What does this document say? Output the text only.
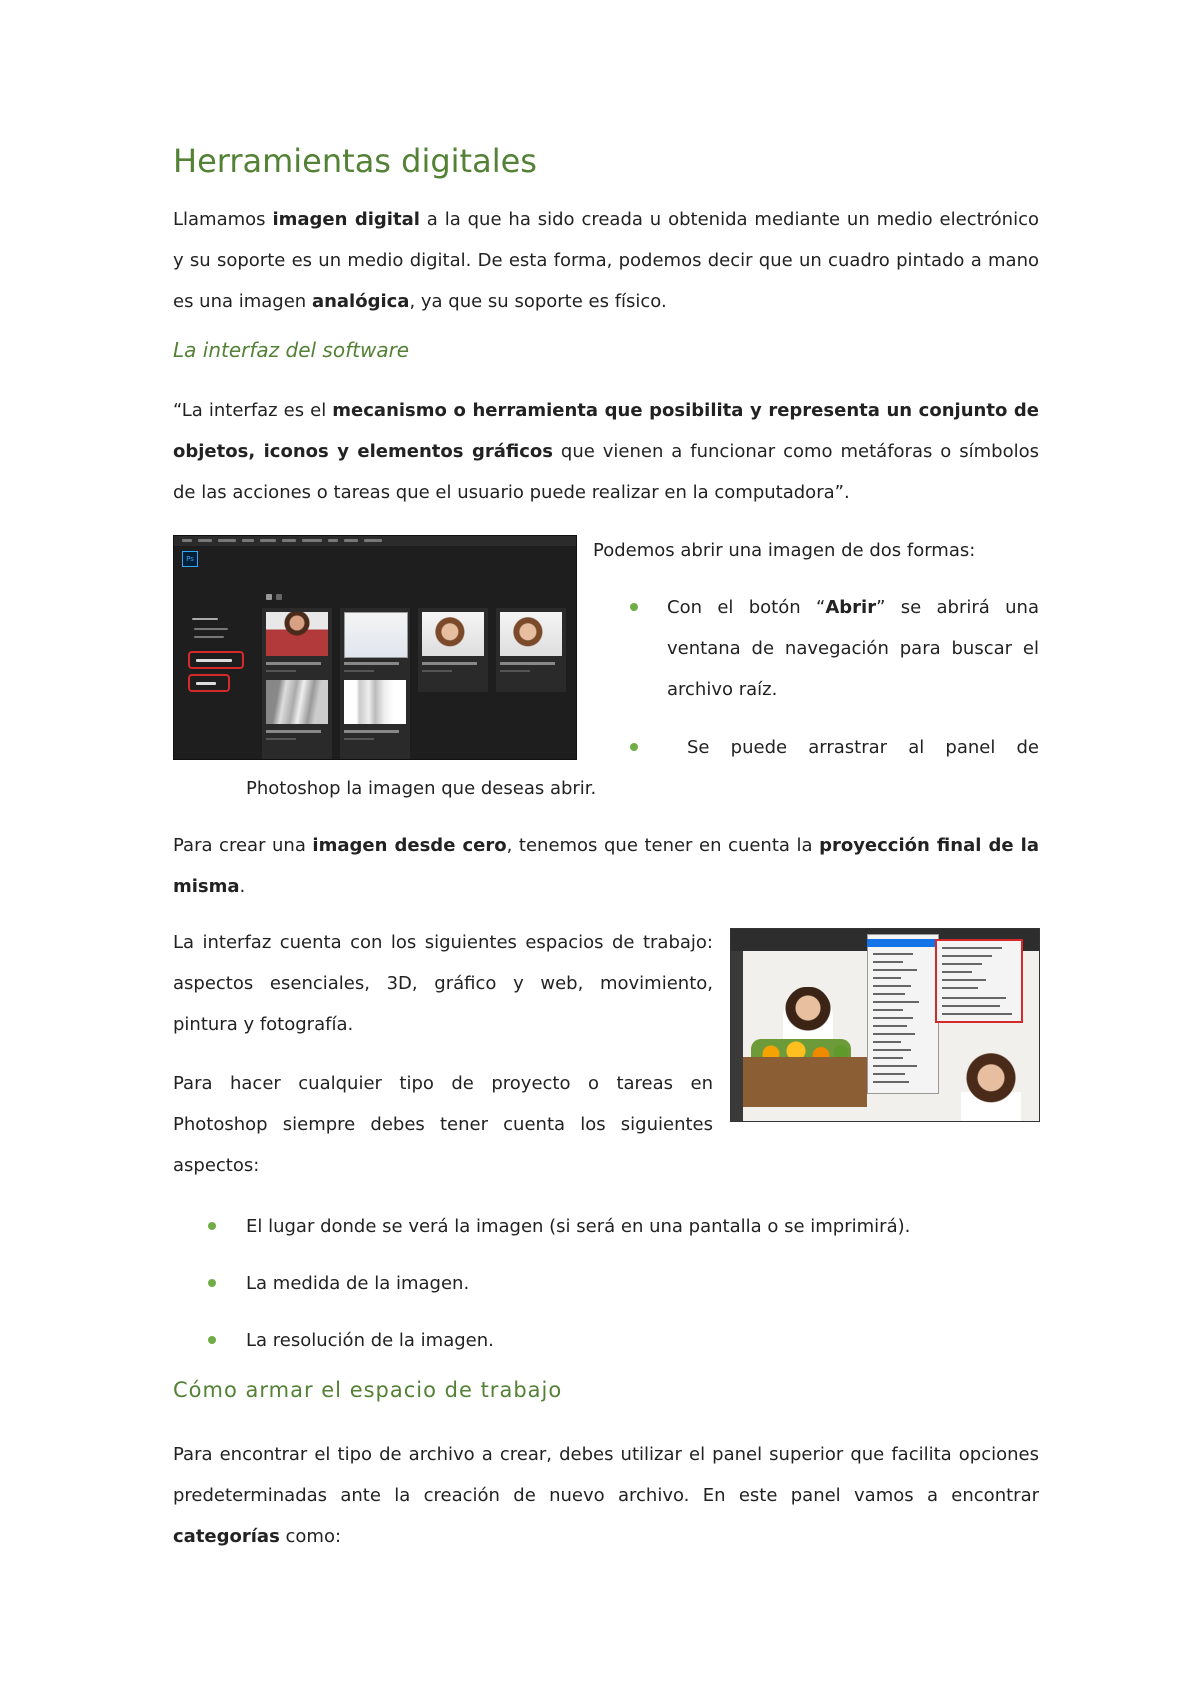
Herramientas digitales

Llamamos imagen digital a la que ha sido creada u obtenida mediante un medio electrónico y su soporte es un medio digital. De esta forma, podemos decir que un cuadro pintado a mano es una imagen analógica, ya que su soporte es físico.

La interfaz del software

“La interfaz es el mecanismo o herramienta que posibilita y representa un conjunto de objetos, iconos y elementos gráficos que vienen a funcionar como metáforas o símbolos de las acciones o tareas que el usuario puede realizar en la computadora”.

Ps	Podemos abrir una imagen de dos formas:

Con el botón “Abrir” se abrirá una ventana de navegación para buscar el archivo raíz.

Se puede arrastrar al panel de

Photoshop la imagen que deseas abrir.

Para crear una imagen desde cero, tenemos que tener en cuenta la proyección final de la misma.

La interfaz cuenta con los siguientes espacios de trabajo: aspectos esenciales, 3D, gráfico y web, movimiento, pintura y fotografía.

Para hacer cualquier tipo de proyecto o tareas en Photoshop siempre debes tener cuenta los siguientes aspectos:

El lugar donde se verá la imagen (si será en una pantalla o se imprimirá).

La medida de la imagen.

La resolución de la imagen.

Cómo armar el espacio de trabajo

Para encontrar el tipo de archivo a crear, debes utilizar el panel superior que facilita opciones predeterminadas ante la creación de nuevo archivo. En este panel vamos a encontrar categorías como:
